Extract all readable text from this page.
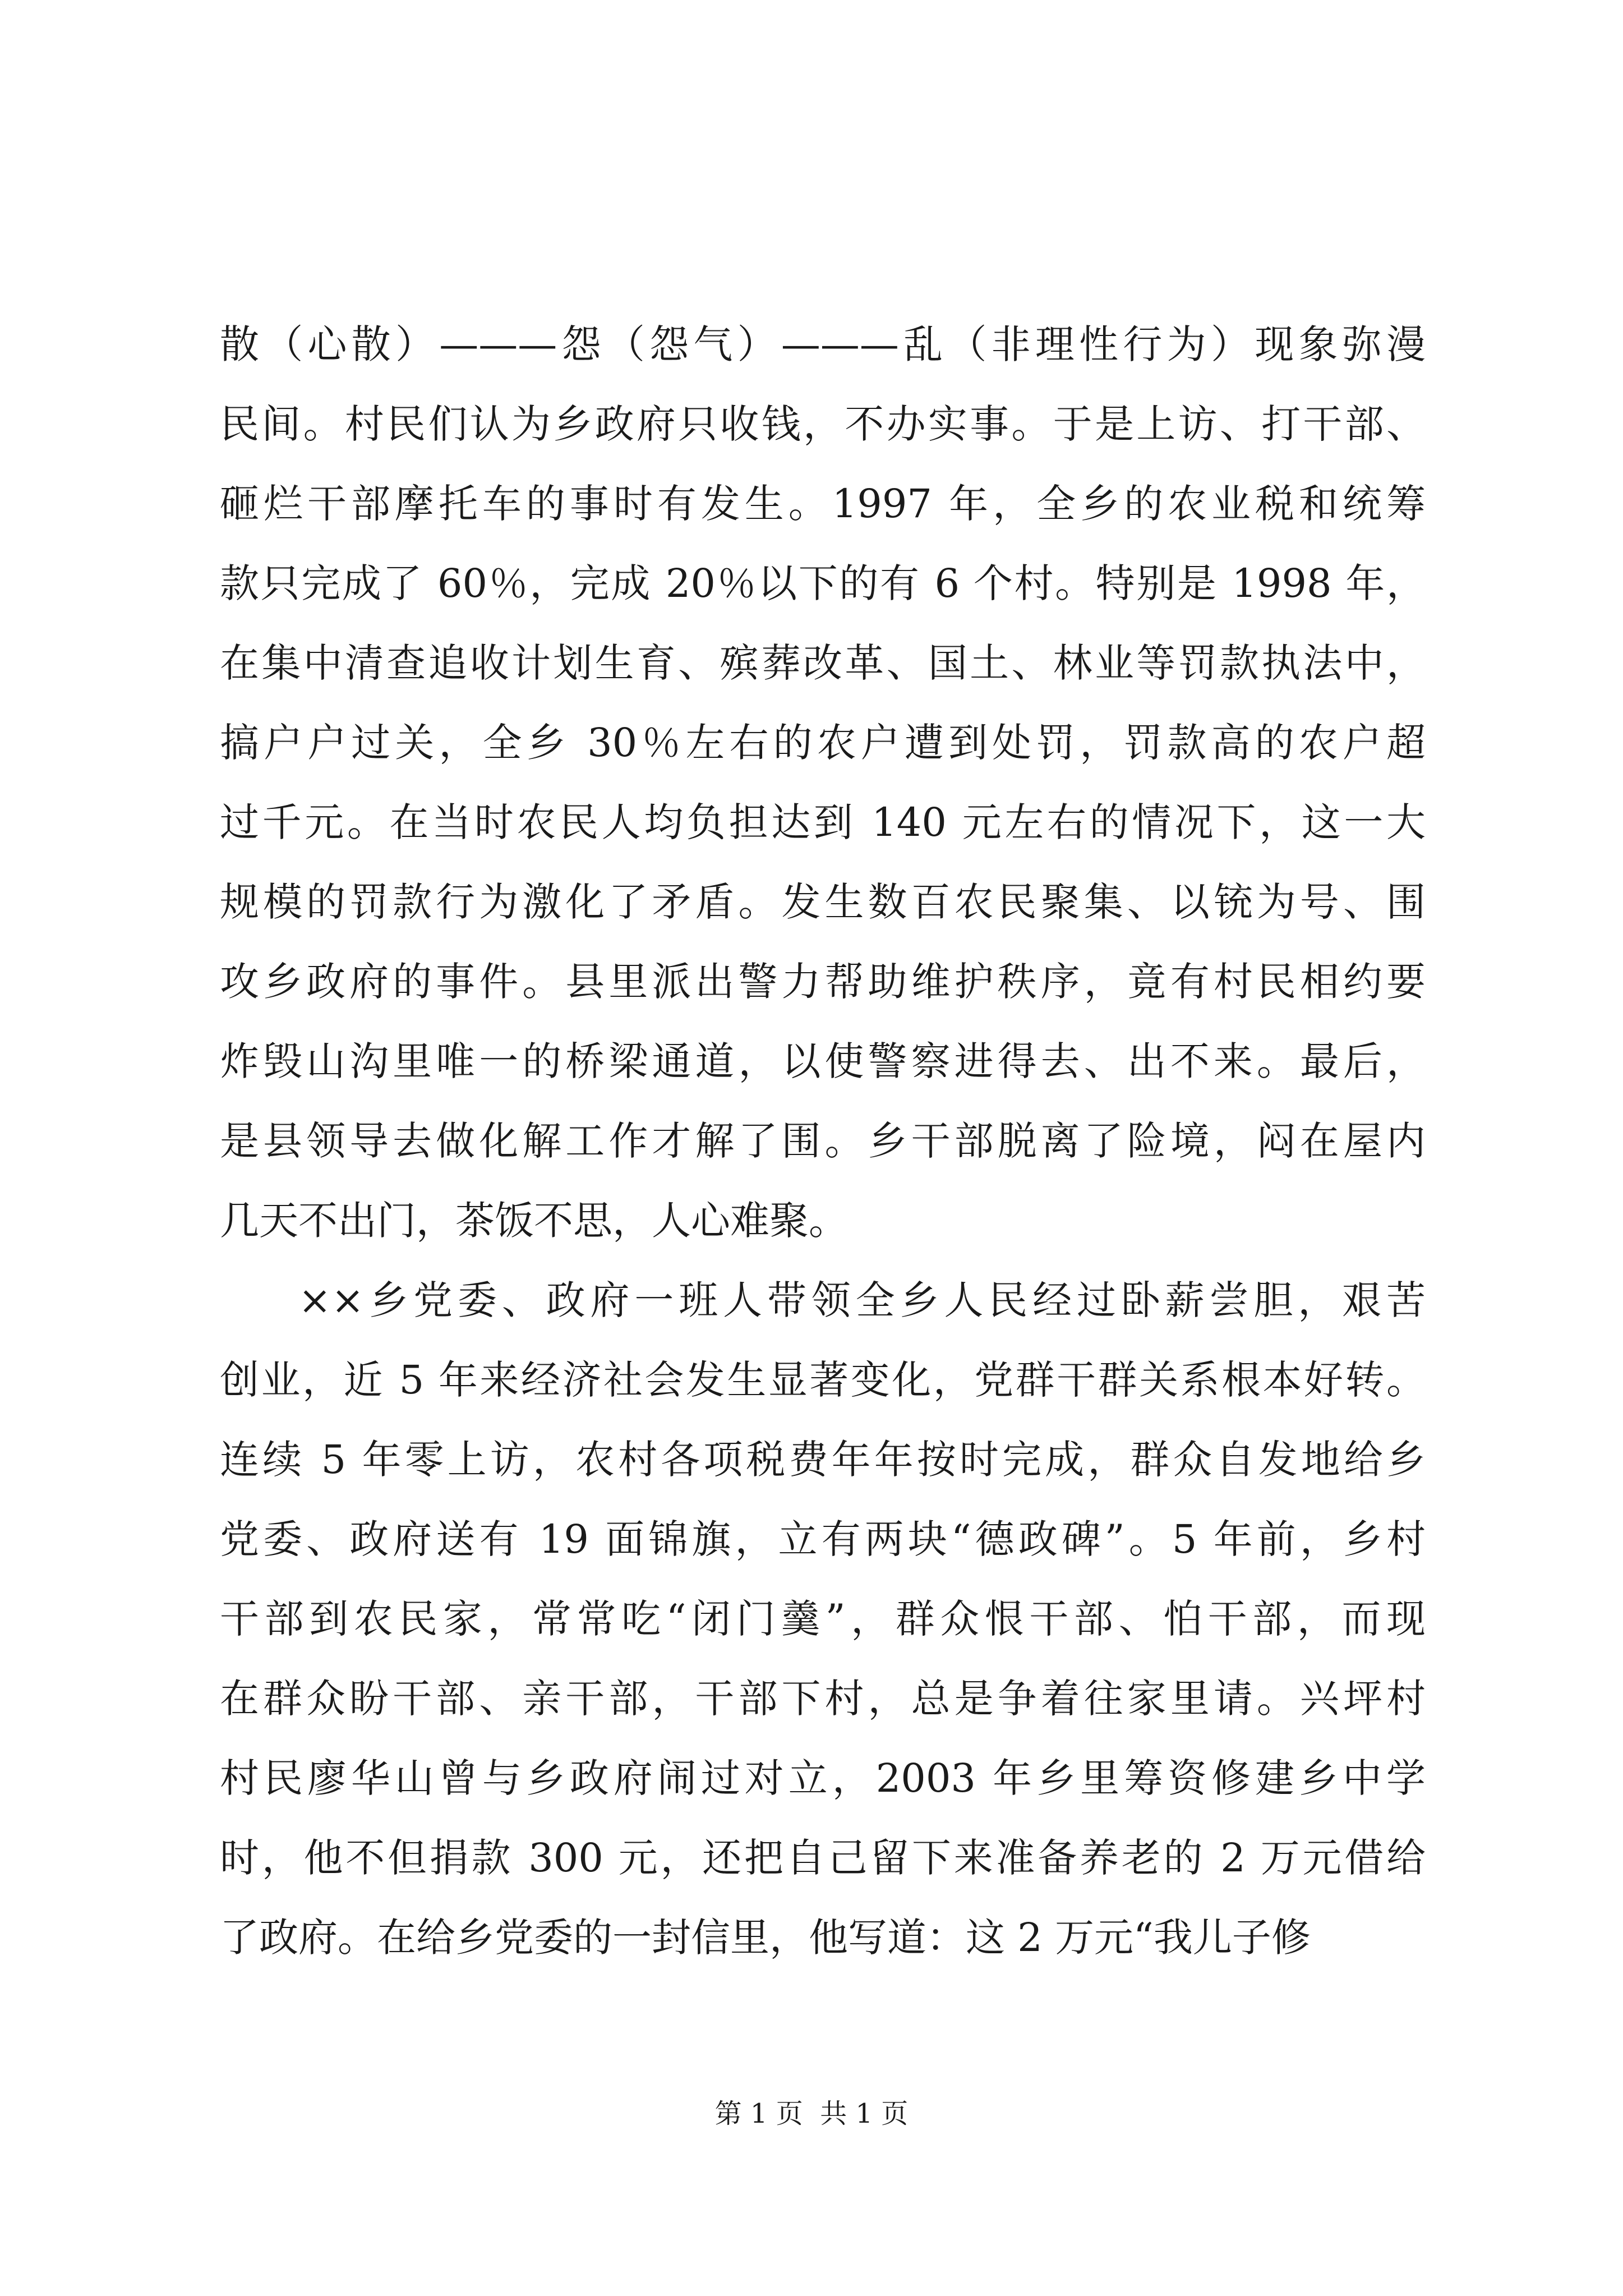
散（心散）———怨（怨气）———乱（非理性行为）现象弥漫
民间。村民们认为乡政府只收钱，不办实事。于是上访、打干部、
砸烂干部摩托车的事时有发生。1997 年，全乡的农业税和统筹
款只完成了 60％，完成 20％以下的有 6 个村。特别是 1998 年，
在集中清查追收计划生育、殡葬改革、国土、林业等罚款执法中，
搞户户过关，全乡 30％左右的农户遭到处罚，罚款高的农户超
过千元。在当时农民人均负担达到 140 元左右的情况下，这一大
规模的罚款行为激化了矛盾。发生数百农民聚集、以铳为号、围
攻乡政府的事件。县里派出警力帮助维护秩序，竟有村民相约要
炸毁山沟里唯一的桥梁通道，以使警察进得去、出不来。最后，
是县领导去做化解工作才解了围。乡干部脱离了险境，闷在屋内
几天不出门，茶饭不思，人心难聚。
××乡党委、政府一班人带领全乡人民经过卧薪尝胆，艰苦
创业，近 5 年来经济社会发生显著变化，党群干群关系根本好转。
连续 5 年零上访，农村各项税费年年按时完成，群众自发地给乡
党委、政府送有 19 面锦旗，立有两块“德政碑”。5 年前，乡村
干部到农民家，常常吃“闭门羹”，群众恨干部、怕干部，而现
在群众盼干部、亲干部，干部下村，总是争着往家里请。兴坪村
村民廖华山曾与乡政府闹过对立，2003 年乡里筹资修建乡中学
时，他不但捐款 300 元，还把自己留下来准备养老的 2 万元借给
了政府。在给乡党委的一封信里，他写道：这 2 万元“我儿子修
第 1 页  共 1 页
